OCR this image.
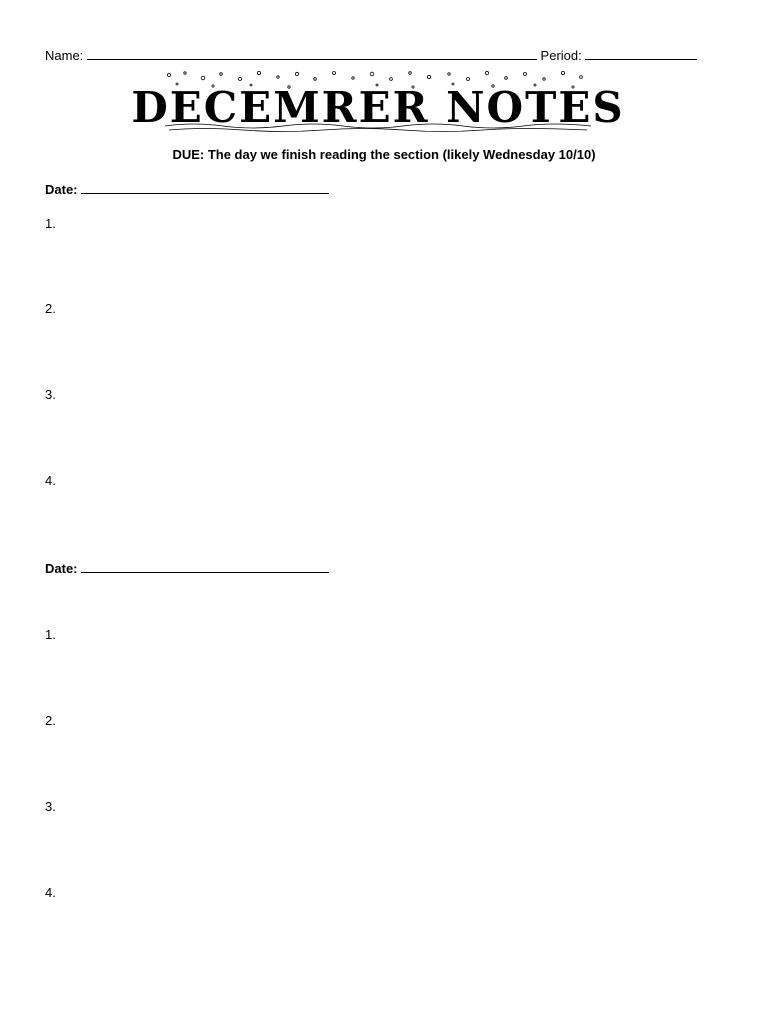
Name:	Period:
DECEMRER NOTES
DUE: The day we finish reading the section (likely Wednesday 10/10)
Date:
1.
2.
3.
4.
Date:
1.
2.
3.
4.
